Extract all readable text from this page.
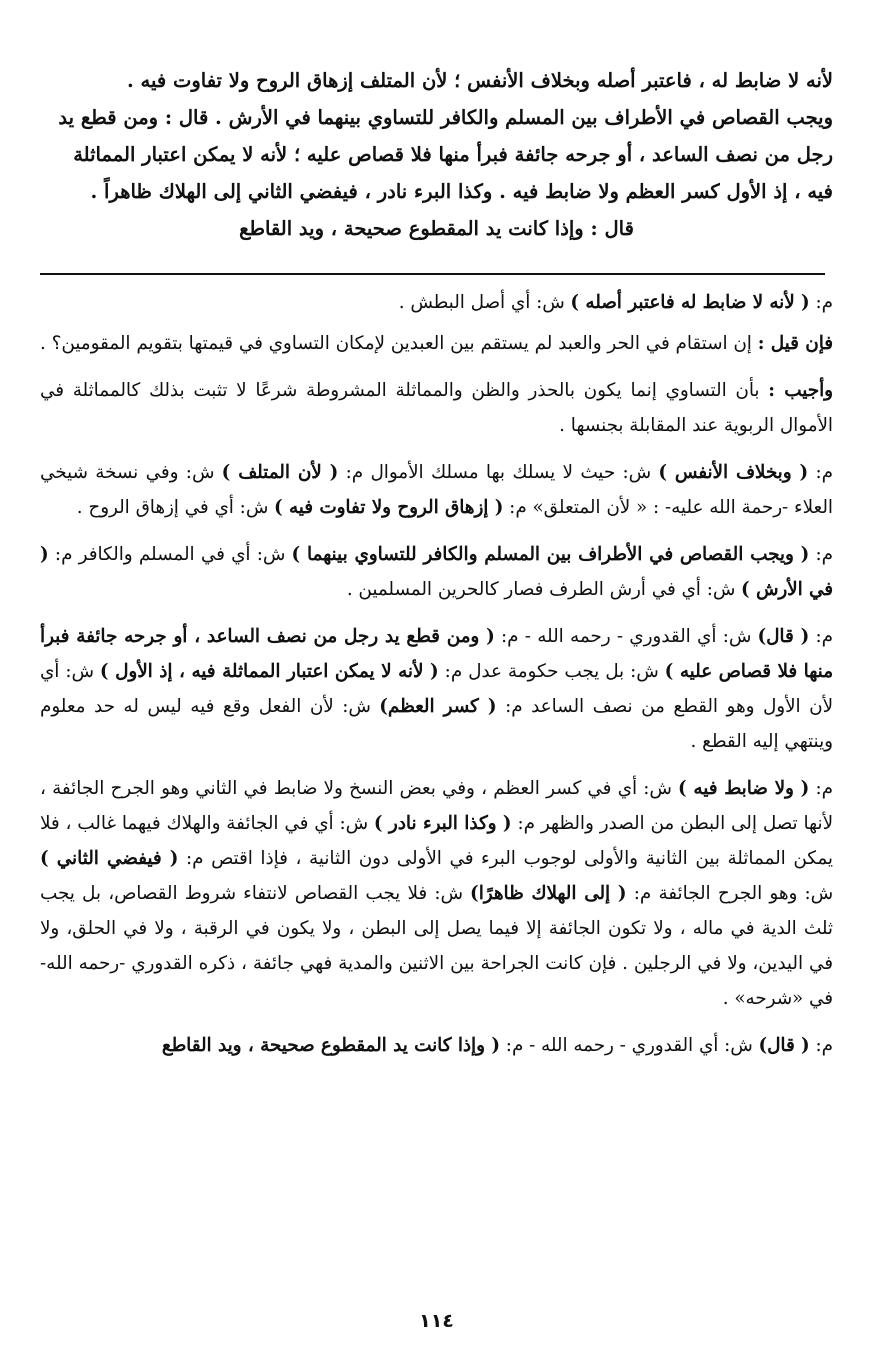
لأنه لا ضابط له ، فاعتبر أصله وبخلاف الأنفس ؛ لأن المتلف إزهاق الروح ولا تفاوت فيه .
ويجب القصاص في الأطراف بين المسلم والكافر للتساوي بينهما في الأرش . قال : ومن قطع يد
رجل من نصف الساعد ، أو جرحه جائفة فبرأ منها فلا قصاص عليه ؛ لأنه لا يمكن اعتبار المماثلة
فيه ، إذ الأول كسر العظم ولا ضابط فيه . وكذا البرء نادر ، فيفضي الثاني إلى الهلاك ظاهراً .
قال : وإذا كانت يد المقطوع صحيحة ، ويد القاطع

م: ( لأنه لا ضابط له فاعتبر أصله ) ش: أي أصل البطش .

فإن قيل : إن استقام في الحر والعبد لم يستقم بين العبدين لإمكان التساوي في قيمتها بتقويم المقومين؟ .

وأجيب : بأن التساوي إنما يكون بالحذر والظن والمماثلة المشروطة شرعًا لا تثبت بذلك كالمماثلة في الأموال الربوية عند المقابلة بجنسها .

م: ( وبخلاف الأنفس ) ش: حيث لا يسلك بها مسلك الأموال م: ( لأن المتلف ) ش: وفي نسخة شيخي العلاء -رحمة الله عليه- : « لأن المتعلق» م: ( إزهاق الروح ولا تفاوت فيه ) ش: أي في إزهاق الروح .

م: ( ويجب القصاص في الأطراف بين المسلم والكافر للتساوي بينهما ) ش: أي في المسلم والكافر م: ( في الأرش ) ش: أي في أرش الطرف فصار كالحرين المسلمين .

م: ( قال) ش: أي القدوري - رحمه الله - م: ( ومن قطع يد رجل من نصف الساعد ، أو جرحه جائفة فبرأ منها فلا قصاص عليه ) ش: بل يجب حكومة عدل م: ( لأنه لا يمكن اعتبار المماثلة فيه ، إذ الأول ) ش: أي لأن الأول وهو القطع من نصف الساعد م: ( كسر العظم) ش: لأن الفعل وقع فيه ليس له حد معلوم وينتهي إليه القطع .

م: ( ولا ضابط فيه ) ش: أي في كسر العظم ، وفي بعض النسخ ولا ضابط في الثاني وهو الجرح الجائفة ، لأنها تصل إلى البطن من الصدر والظهر م: ( وكذا البرء نادر ) ش: أي في الجائفة والهلاك فيهما غالب ، فلا يمكن المماثلة بين الثانية والأولى لوجوب البرء في الأولى دون الثانية ، فإذا اقتص م: ( فيفضي الثاني ) ش: وهو الجرح الجائفة م: ( إلى الهلاك ظاهرًا) ش: فلا يجب القصاص لانتفاء شروط القصاص، بل يجب ثلث الدية في ماله ، ولا تكون الجائفة إلا فيما يصل إلى البطن ، ولا يكون في الرقبة ، ولا في الحلق، ولا في اليدين، ولا في الرجلين . فإن كانت الجراحة بين الاثنين والمدية فهي جائفة ، ذكره القدوري -رحمه الله- في «شرحه» .

م: ( قال) ش: أي القدوري - رحمه الله - م: ( وإذا كانت يد المقطوع صحيحة ، ويد القاطع

١١٤
